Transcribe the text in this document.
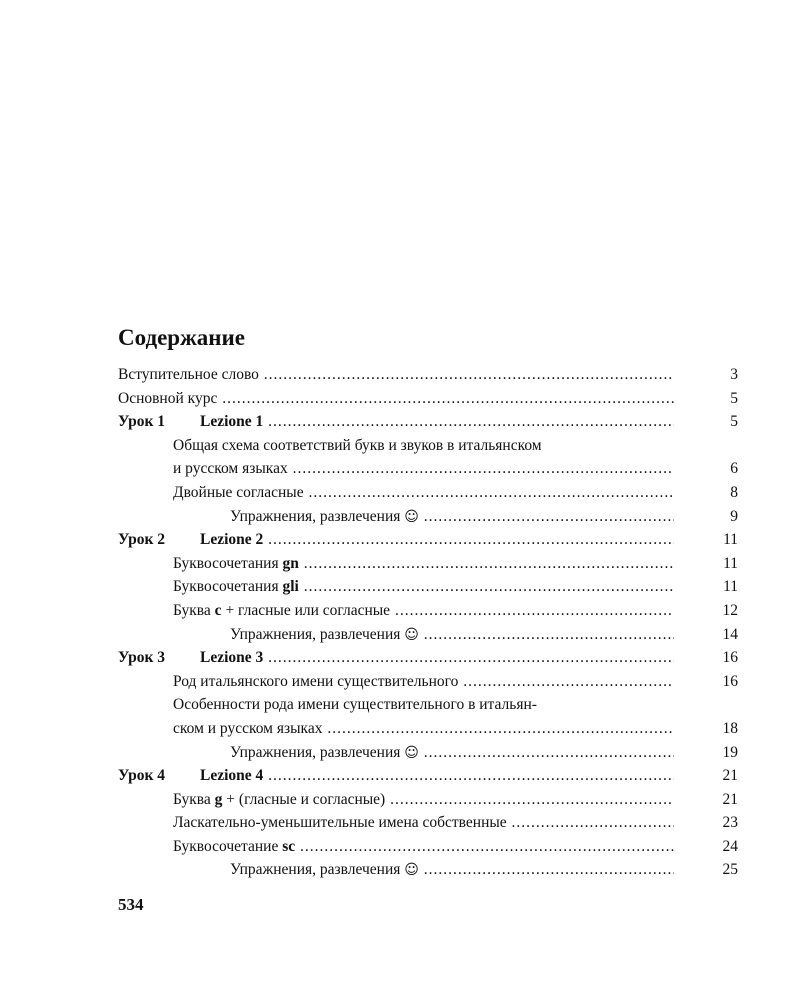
Содержание
Вступительное слово .....	3
Основной курс .....	5
Урок 1 Lezione 1 .....	5
Общая схема соответствий букв и звуков в итальянском
и русском языках .....	6
Двойные согласные .....	8
Упражнения, развлечения ☺ .....	9
Урок 2 Lezione 2 .....	11
Буквосочетания gn .....	11
Буквосочетания gli .....	11
Буква c + гласные или согласные .....	12
Упражнения, развлечения ☺ .....	14
Урок 3 Lezione 3 .....	16
Род итальянского имени существительного .....	16
Особенности рода имени существительного в итальян-
ском и русском языках .....	18
Упражнения, развлечения ☺ .....	19
Урок 4 Lezione 4 .....	21
Буква g + (гласные и согласные) .....	21
Ласкательно-уменьшительные имена собственные .....	23
Буквосочетание sc .....	24
Упражнения, развлечения ☺ .....	25
534
